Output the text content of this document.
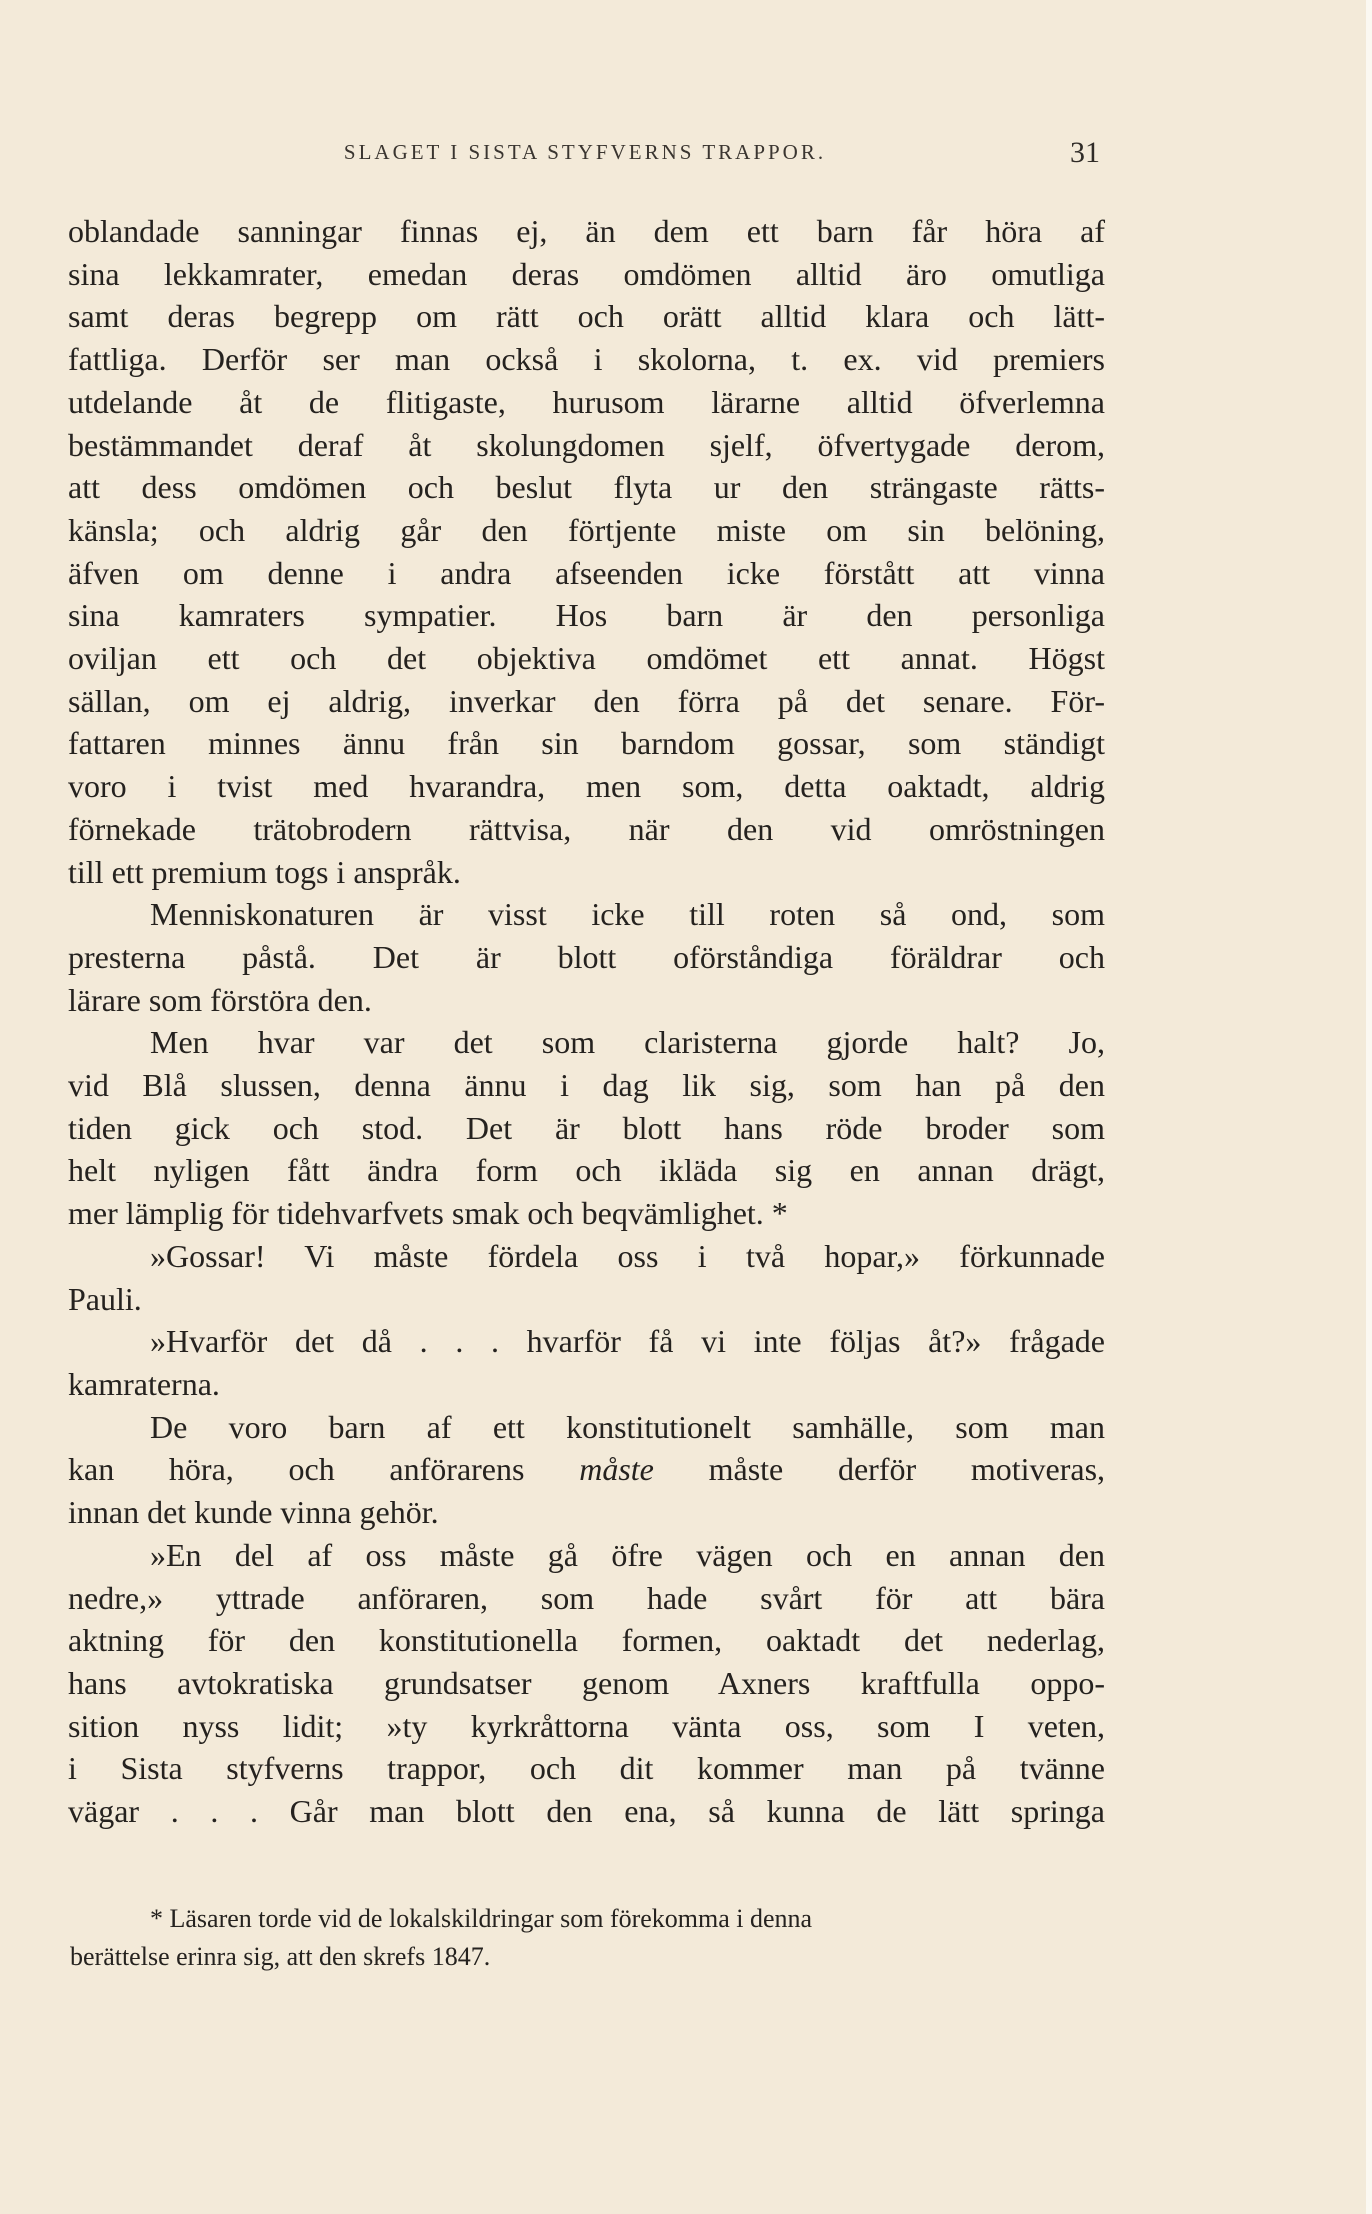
SLAGET I SISTA STYFVERNS TRAPPOR.	31

oblandade sanningar finnas ej, än dem ett barn får höra af

sina lekkamrater, emedan deras omdömen alltid äro omutliga

samt deras begrepp om rätt och orätt alltid klara och lätt-

fattliga. Derför ser man också i skolorna, t. ex. vid premiers

utdelande åt de flitigaste, hurusom lärarne alltid öfverlemna

bestämmandet deraf åt skolungdomen sjelf, öfvertygade derom,

att dess omdömen och beslut flyta ur den strängaste rätts-

känsla; och aldrig går den förtjente miste om sin belöning,

äfven om denne i andra afseenden icke förstått att vinna

sina kamraters sympatier. Hos barn är den personliga

oviljan ett och det objektiva omdömet ett annat. Högst

sällan, om ej aldrig, inverkar den förra på det senare. För-

fattaren minnes ännu från sin barndom gossar, som ständigt

voro i tvist med hvarandra, men som, detta oaktadt, aldrig

förnekade trätobrodern rättvisa, när den vid omröstningen

till ett premium togs i anspråk.

Menniskonaturen är visst icke till roten så ond, som

presterna påstå. Det är blott oförståndiga föräldrar och

lärare som förstöra den.

Men hvar var det som claristerna gjorde halt? Jo,

vid Blå slussen, denna ännu i dag lik sig, som han på den

tiden gick och stod. Det är blott hans röde broder som

helt nyligen fått ändra form och ikläda sig en annan drägt,

mer lämplig för tidehvarfvets smak och beqvämlighet. *

»Gossar! Vi måste fördela oss i två hopar,» förkunnade

Pauli.

»Hvarför det då . . . hvarför få vi inte följas åt?» frågade

kamraterna.

De voro barn af ett konstitutionelt samhälle, som man

kan höra, och anförarens måste måste derför motiveras,

innan det kunde vinna gehör.

»En del af oss måste gå öfre vägen och en annan den

nedre,» yttrade anföraren, som hade svårt för att bära

aktning för den konstitutionella formen, oaktadt det nederlag,

hans avtokratiska grundsatser genom Axners kraftfulla oppo-

sition nyss lidit; »ty kyrkråttorna vänta oss, som I veten,

i Sista styfverns trappor, och dit kommer man på tvänne

vägar . . . Går man blott den ena, så kunna de lätt springa

* Läsaren torde vid de lokalskildringar som förekomma i denna

berättelse erinra sig, att den skrefs 1847.
